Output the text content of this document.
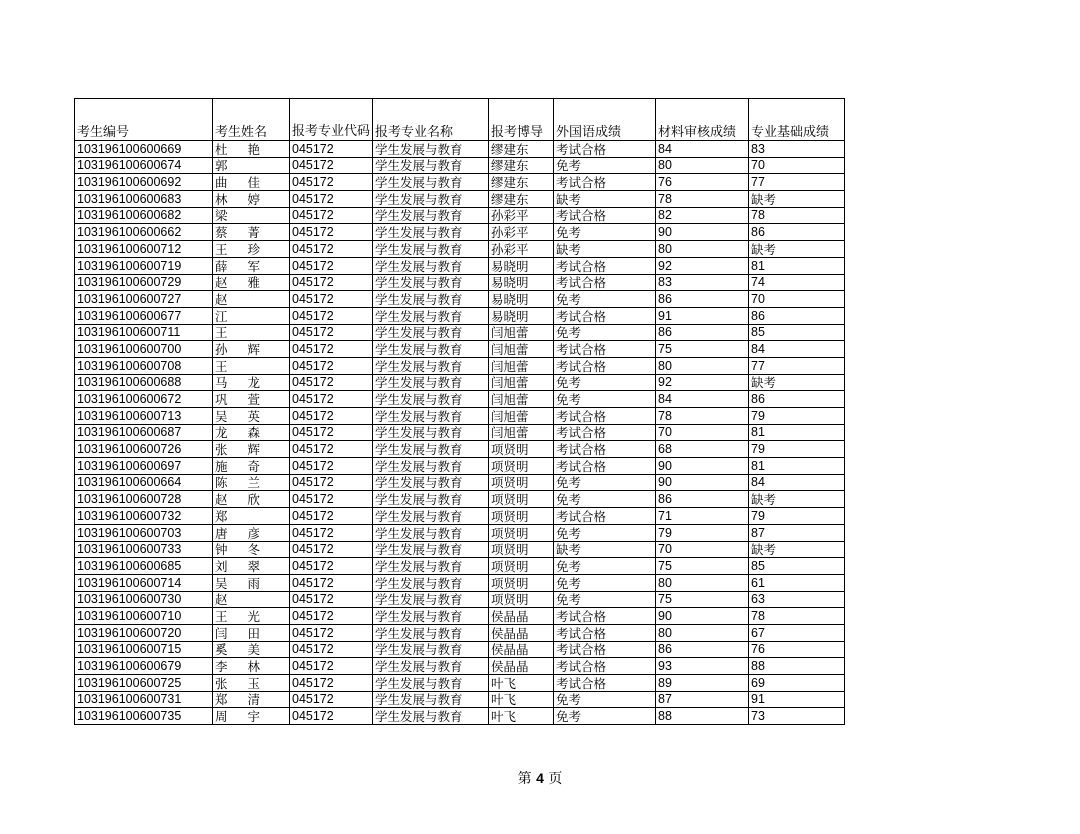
考生编号	考生姓名	报考专业代码	报考专业名称	报考博导	外国语成绩	材料审核成绩	专业基础成绩
103196100600669	杜 艳	045172	学生发展与教育	缪建东	考试合格	84	83
103196100600674	郭	045172	学生发展与教育	缪建东	免考	80	70
103196100600692	曲 佳	045172	学生发展与教育	缪建东	考试合格	76	77
103196100600683	林 婷	045172	学生发展与教育	缪建东	缺考	78	缺考
103196100600682	梁	045172	学生发展与教育	孙彩平	考试合格	82	78
103196100600662	蔡 菁	045172	学生发展与教育	孙彩平	免考	90	86
103196100600712	王 珍	045172	学生发展与教育	孙彩平	缺考	80	缺考
103196100600719	薛 军	045172	学生发展与教育	易晓明	考试合格	92	81
103196100600729	赵 雅	045172	学生发展与教育	易晓明	考试合格	83	74
103196100600727	赵	045172	学生发展与教育	易晓明	免考	86	70
103196100600677	江	045172	学生发展与教育	易晓明	考试合格	91	86
103196100600711	王	045172	学生发展与教育	闫旭蕾	免考	86	85
103196100600700	孙 辉	045172	学生发展与教育	闫旭蕾	考试合格	75	84
103196100600708	王	045172	学生发展与教育	闫旭蕾	考试合格	80	77
103196100600688	马 龙	045172	学生发展与教育	闫旭蕾	免考	92	缺考
103196100600672	巩 萱	045172	学生发展与教育	闫旭蕾	免考	84	86
103196100600713	吴 英	045172	学生发展与教育	闫旭蕾	考试合格	78	79
103196100600687	龙 森	045172	学生发展与教育	闫旭蕾	考试合格	70	81
103196100600726	张 辉	045172	学生发展与教育	项贤明	考试合格	68	79
103196100600697	施 奇	045172	学生发展与教育	项贤明	考试合格	90	81
103196100600664	陈 兰	045172	学生发展与教育	项贤明	免考	90	84
103196100600728	赵 欣	045172	学生发展与教育	项贤明	免考	86	缺考
103196100600732	郑	045172	学生发展与教育	项贤明	考试合格	71	79
103196100600703	唐 彦	045172	学生发展与教育	项贤明	免考	79	87
103196100600733	钟 冬	045172	学生发展与教育	项贤明	缺考	70	缺考
103196100600685	刘 翠	045172	学生发展与教育	项贤明	免考	75	85
103196100600714	吴 雨	045172	学生发展与教育	项贤明	免考	80	61
103196100600730	赵	045172	学生发展与教育	项贤明	免考	75	63
103196100600710	王 光	045172	学生发展与教育	侯晶晶	考试合格	90	78
103196100600720	闫 田	045172	学生发展与教育	侯晶晶	考试合格	80	67
103196100600715	奚 美	045172	学生发展与教育	侯晶晶	考试合格	86	76
103196100600679	李 林	045172	学生发展与教育	侯晶晶	考试合格	93	88
103196100600725	张 玉	045172	学生发展与教育	叶飞	考试合格	89	69
103196100600731	郑 清	045172	学生发展与教育	叶飞	免考	87	91
103196100600735	周 宇	045172	学生发展与教育	叶飞	免考	88	73
第 4 页
